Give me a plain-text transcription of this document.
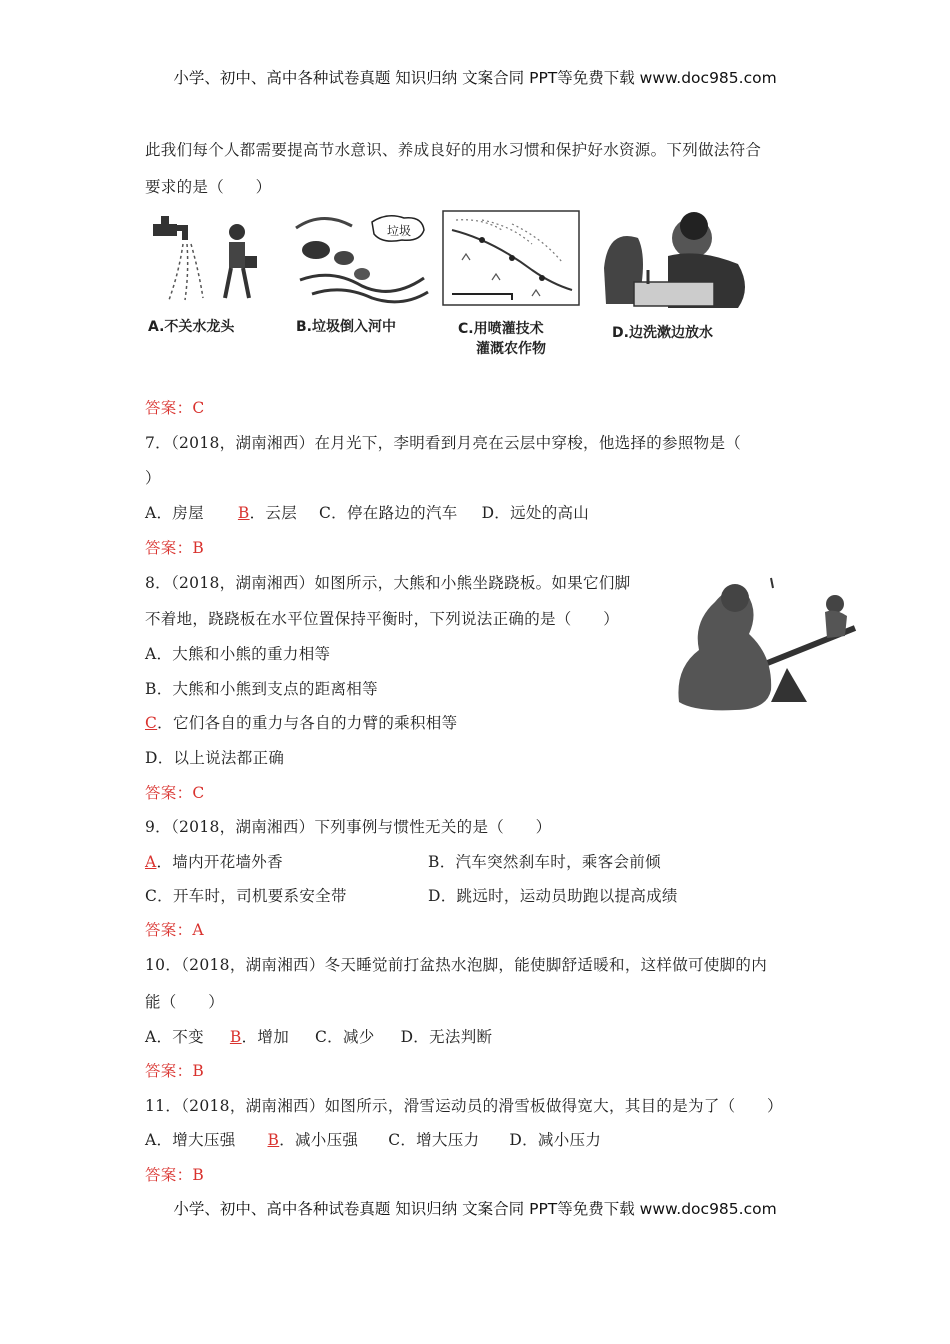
小学、初中、高中各种试卷真题 知识归纳 文案合同 PPT等免费下载 www.doc985.com
此我们每个人都需要提高节水意识、养成良好的用水习惯和保护好水资源。下列做法符合
要求的是（　　）
A.不关水龙头
垃圾
B.垃圾倒入河中	C.用喷灌技术
灌溉农作物
D.边洗漱边放水
答案：C
7．（2018，湖南湘西）在月光下，李明看到月亮在云层中穿梭，他选择的参照物是（
）
A．房屋 B．云层 C．停在路边的汽车 D．远处的高山
答案：B
8．（2018，湖南湘西）如图所示，大熊和小熊坐跷跷板。如果它们脚
不着地，跷跷板在水平位置保持平衡时，下列说法正确的是（　　）
A．大熊和小熊的重力相等
B．大熊和小熊到支点的距离相等
C．它们各自的重力与各自的力臂的乘积相等
D．以上说法都正确
答案：C
9．（2018，湖南湘西）下列事例与惯性无关的是（　　）
A．墙内开花墙外香	B．汽车突然刹车时，乘客会前倾
C．开车时，司机要系安全带	D．跳远时，运动员助跑以提高成绩
答案：A
10．（2018，湖南湘西）冬天睡觉前打盆热水泡脚，能使脚舒适暖和，这样做可使脚的内
能（　　）
A．不变 B．增加 C．减少 D．无法判断
答案：B
11．（2018，湖南湘西）如图所示，滑雪运动员的滑雪板做得宽大，其目的是为了（　　）
A．增大压强 B．减小压强 C．增大压力 D．减小压力
答案：B
小学、初中、高中各种试卷真题 知识归纳 文案合同 PPT等免费下载 www.doc985.com
